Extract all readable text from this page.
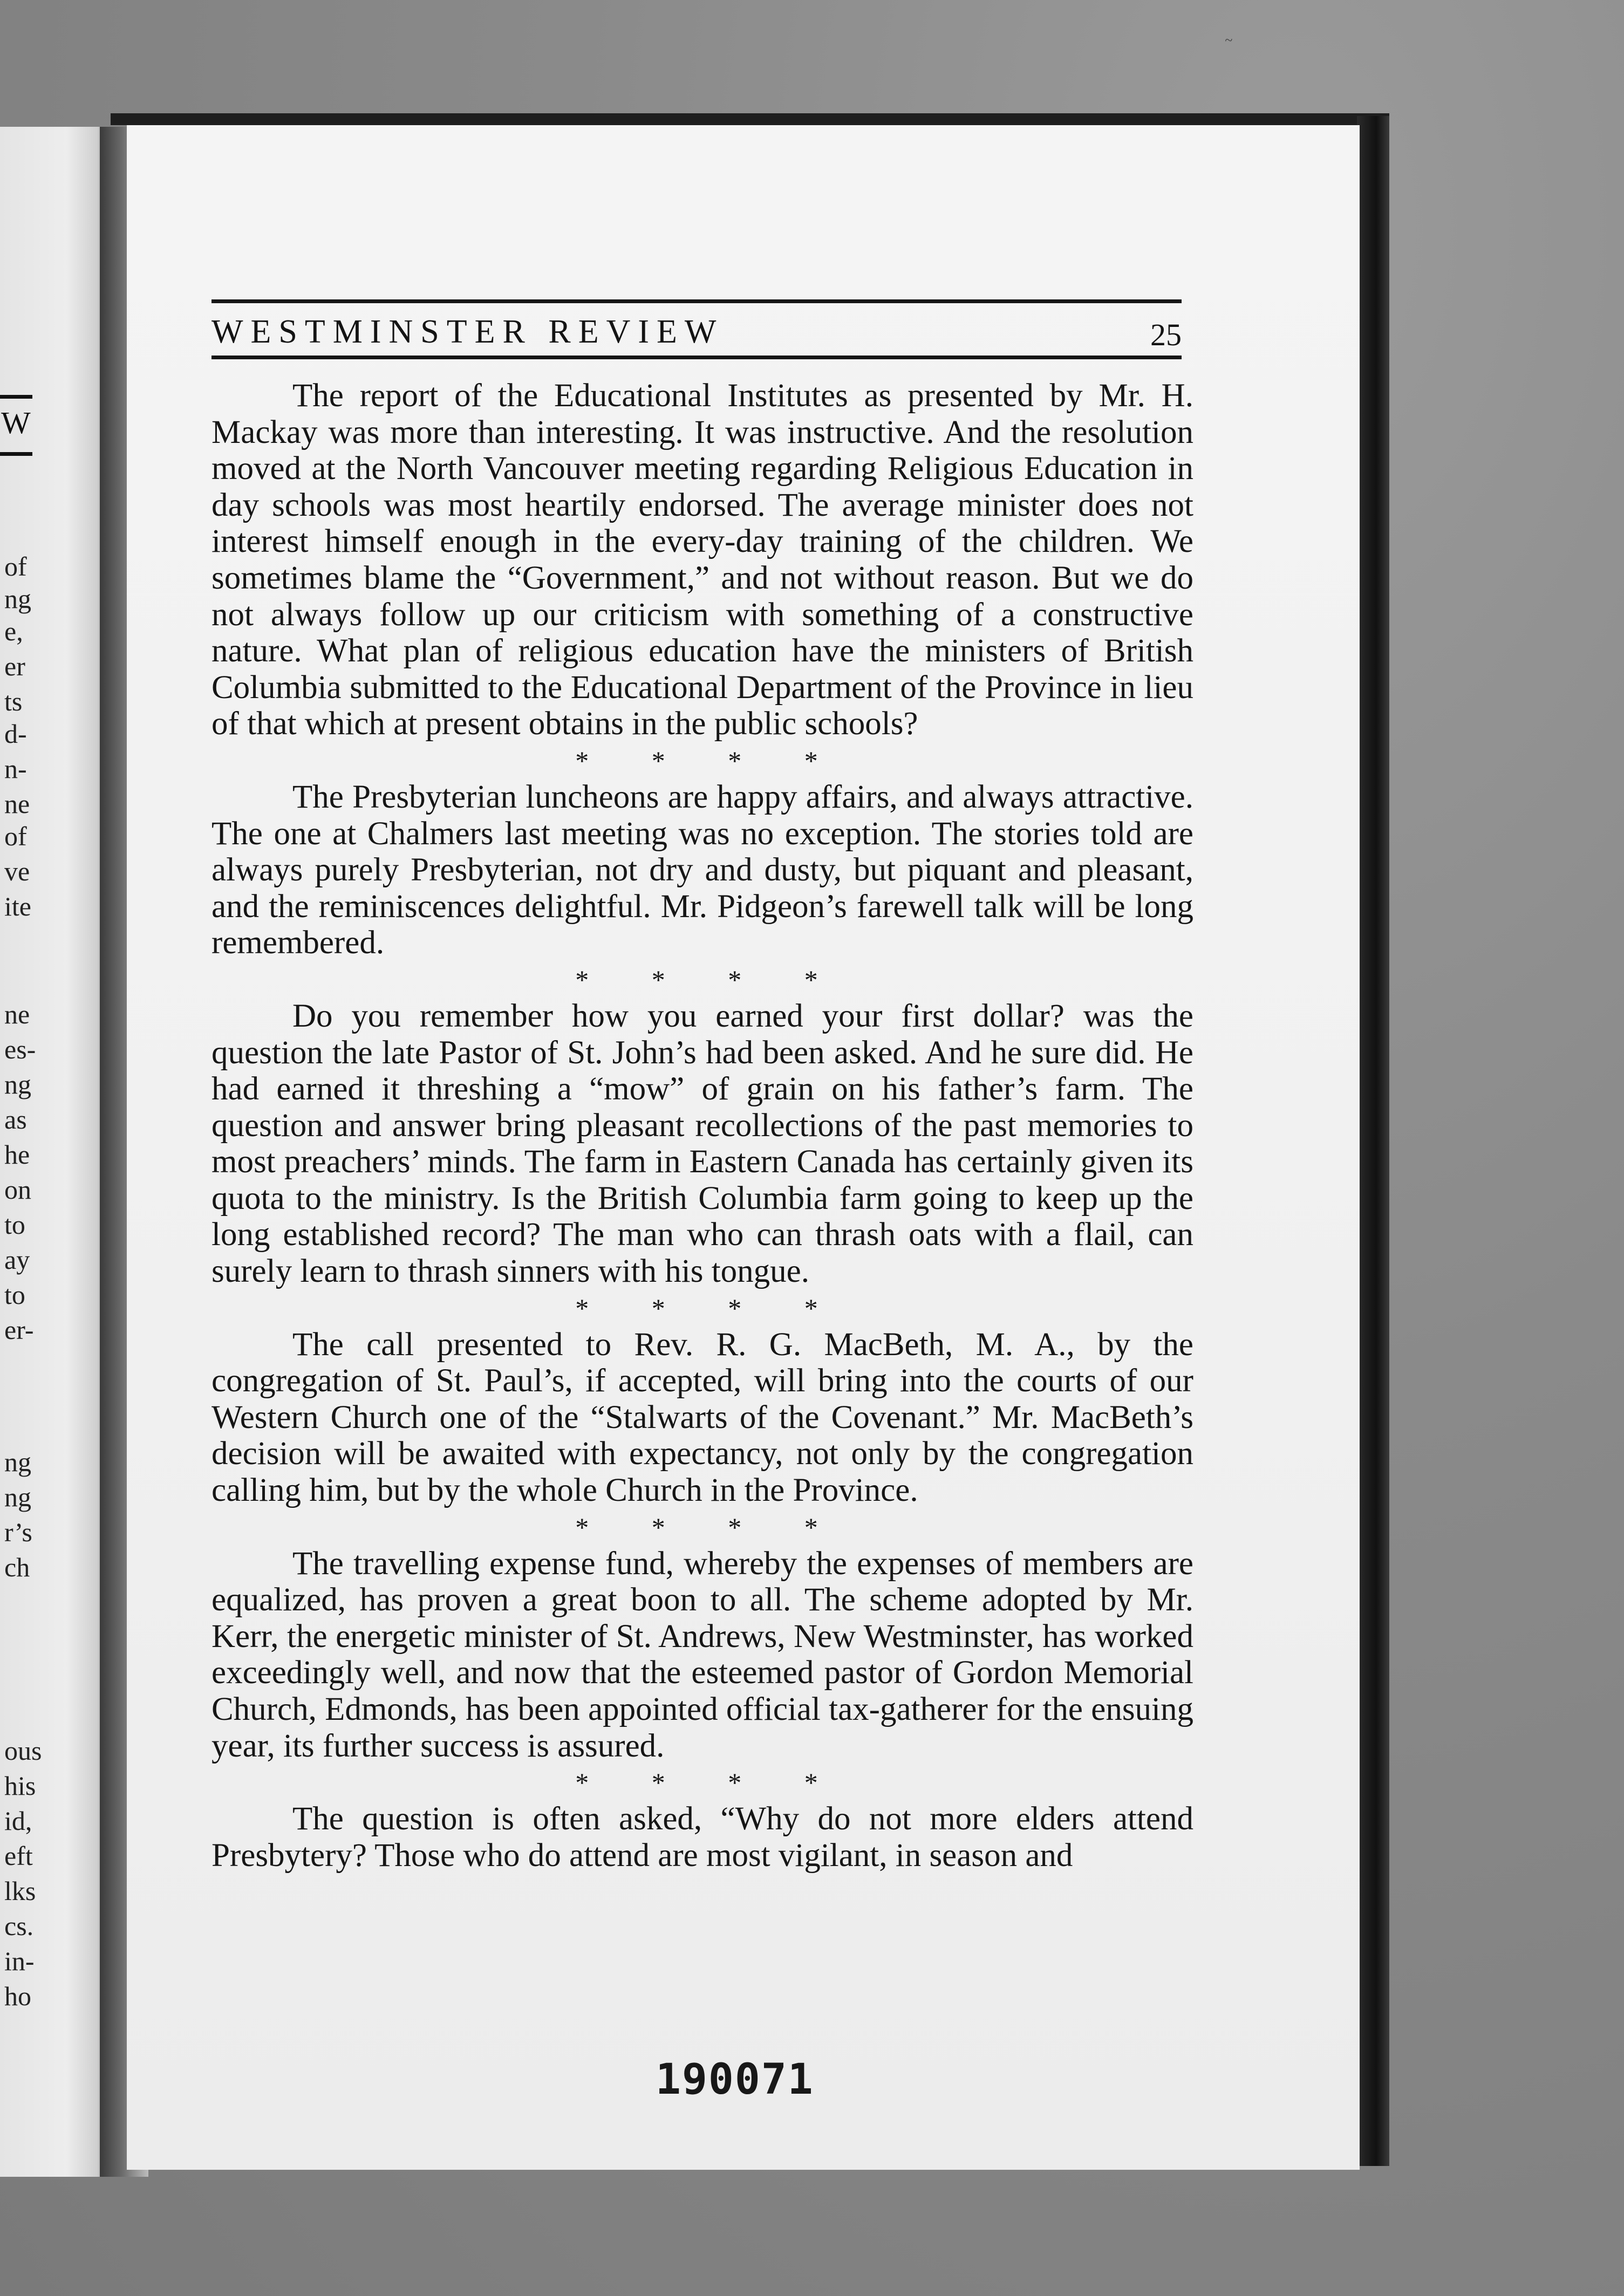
~
W
of
ng
e,
er
ts
d-
n-
ne
of
ve
ite
ne
es-
ng
as
he
on
to
ay
to
er-
ng
ng
r’s
ch
ous
his
id,
eft
lks
cs.
in-
ho
WESTMINSTER REVIEW	25

The report of the Educational Institutes as presented by Mr. H. Mackay was more than interesting. It was instructive. And the resolution moved at the North Vancouver meeting regarding Religious Education in day schools was most heartily endorsed. The average minister does not interest himself enough in the every-day training of the children. We sometimes blame the “Government,” and not without reason. But we do not always follow up our criticism with something of a constructive nature. What plan of religious education have the ministers of British Columbia submitted to the Educational Department of the Province in lieu of that which at present obtains in the public schools?

* * * *

The Presbyterian luncheons are happy affairs, and always attractive. The one at Chalmers last meeting was no exception. The stories told are always purely Presbyterian, not dry and dusty, but piquant and pleasant, and the reminiscences delightful. Mr. Pidgeon’s farewell talk will be long remembered.

* * * *

Do you remember how you earned your first dollar? was the question the late Pastor of St. John’s had been asked. And he sure did. He had earned it threshing a “mow” of grain on his father’s farm. The question and answer bring pleasant recollections of the past memories to most preachers’ minds. The farm in Eastern Canada has certainly given its quota to the ministry. Is the British Columbia farm going to keep up the long established record? The man who can thrash oats with a flail, can surely learn to thrash sinners with his tongue.

* * * *

The call presented to Rev. R. G. MacBeth, M. A., by the congregation of St. Paul’s, if accepted, will bring into the courts of our Western Church one of the “Stalwarts of the Covenant.” Mr. MacBeth’s decision will be awaited with expectancy, not only by the congregation calling him, but by the whole Church in the Province.

* * * *

The travelling expense fund, whereby the expenses of members are equalized, has proven a great boon to all. The scheme adopted by Mr. Kerr, the energetic minister of St. Andrews, New Westminster, has worked exceedingly well, and now that the esteemed pastor of Gordon Memorial Church, Edmonds, has been appointed official tax-gatherer for the ensuing year, its further success is assured.

* * * *

The question is often asked, “Why do not more elders attend Presbytery? Those who do attend are most vigilant, in season and

190071
